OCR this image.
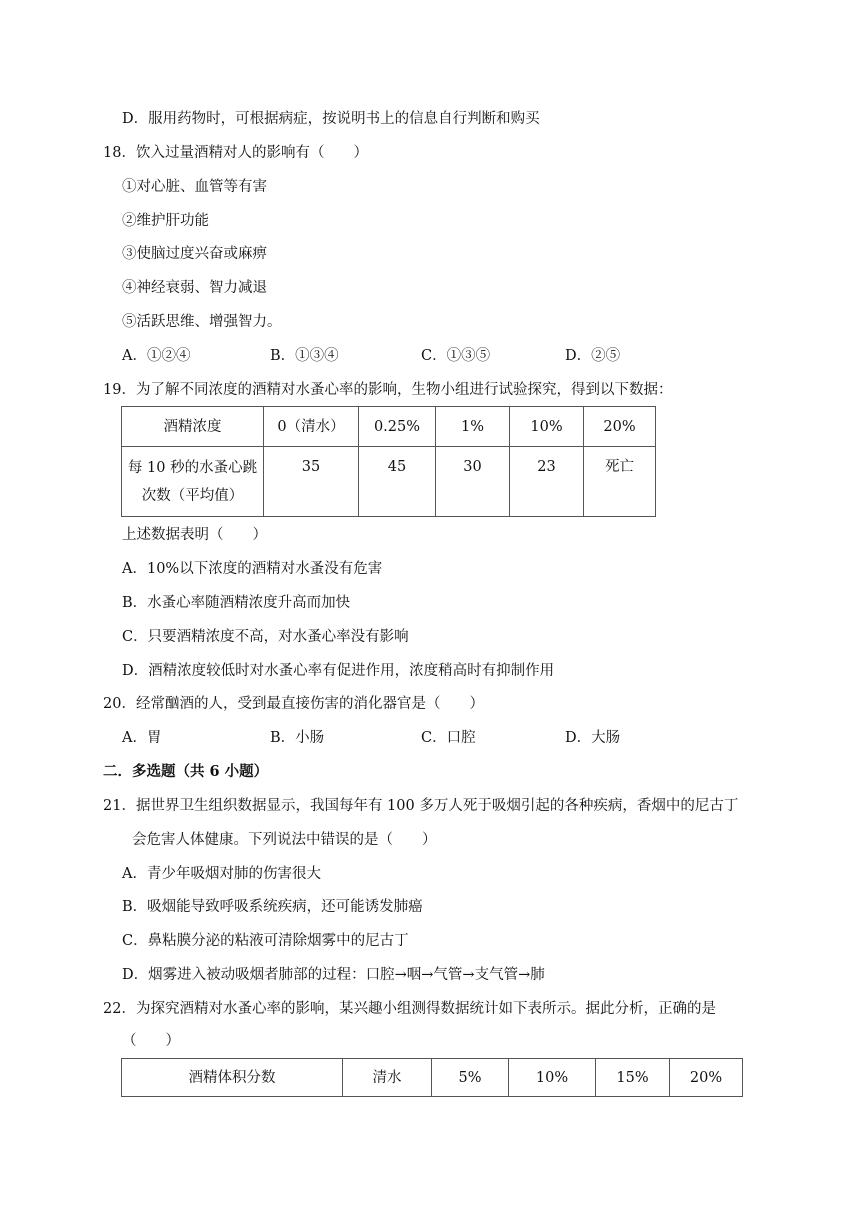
D．服用药物时，可根据病症，按说明书上的信息自行判断和购买
18．饮入过量酒精对人的影响有（　　）
①对心脏、血管等有害
②维护肝功能
③使脑过度兴奋或麻痹
④神经衰弱、智力减退
⑤活跃思维、增强智力。
A．①②④	B．①③④	C．①③⑤	D．②⑤
19．为了解不同浓度的酒精对水蚤心率的影响，生物小组进行试验探究，得到以下数据：
酒精浓度	0（清水）	0.25%	1%	10%	20%

每 10 秒的水蚤心跳
次数（平均值）	35	45	30	23	死亡
上述数据表明（　　）
A．10%以下浓度的酒精对水蚤没有危害
B．水蚤心率随酒精浓度升高而加快
C．只要酒精浓度不高，对水蚤心率没有影响
D．酒精浓度较低时对水蚤心率有促进作用，浓度稍高时有抑制作用
20．经常酗酒的人，受到最直接伤害的消化器官是（　　）
A．胃	B．小肠	C．口腔	D．大肠
二．多选题（共 6 小题）
21．据世界卫生组织数据显示，我国每年有 100 多万人死于吸烟引起的各种疾病，香烟中的尼古丁
会危害人体健康。下列说法中错误的是（　　）
A．青少年吸烟对肺的伤害很大
B．吸烟能导致呼吸系统疾病，还可能诱发肺癌
C．鼻粘膜分泌的粘液可清除烟雾中的尼古丁
D．烟雾进入被动吸烟者肺部的过程：口腔→咽→气管→支气管→肺
22．为探究酒精对水蚤心率的影响，某兴趣小组测得数据统计如下表所示。据此分析，正确的是
（　　）
酒精体积分数	清水	5%	10%	15%	20%
